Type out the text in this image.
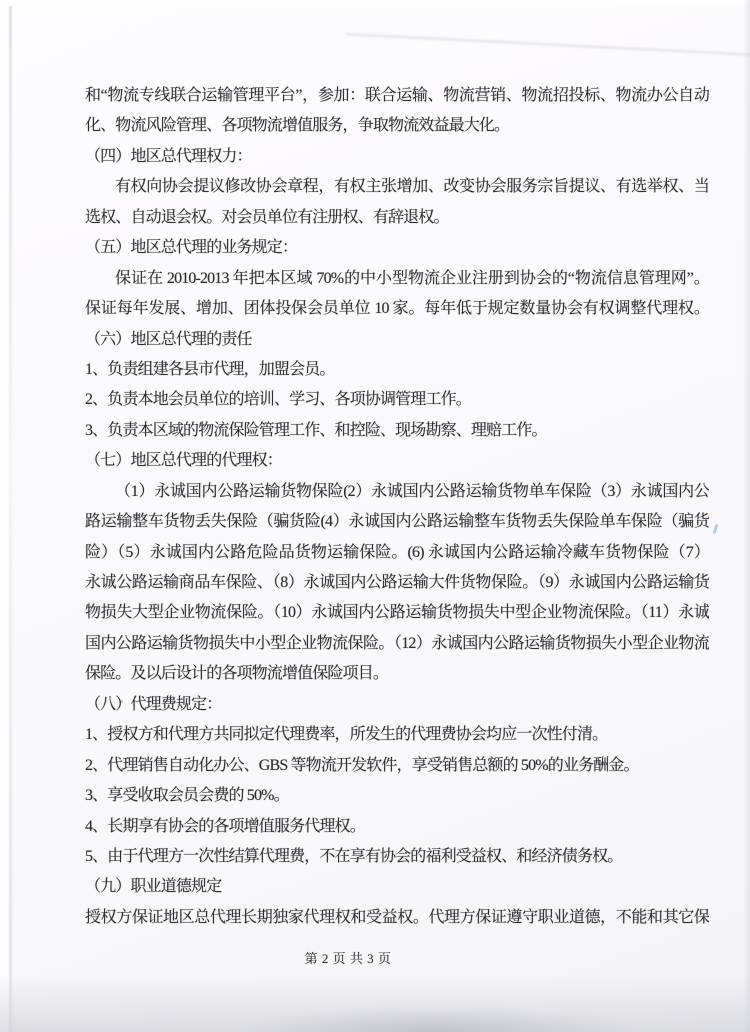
和“物流专线联合运输管理平台”，参加：联合运输、物流营销、物流招投标、物流办公自动
化、物流风险管理、各项物流增值服务，争取物流效益最大化。
（四）地区总代理权力：
有权向协会提议修改协会章程，有权主张增加、改变协会服务宗旨提议、有选举权、当
选权、自动退会权。对会员单位有注册权、有辞退权。
（五）地区总代理的业务规定：
保证在 2010-2013 年把本区域 70%的中小型物流企业注册到协会的“物流信息管理网”。
保证每年发展、增加、团体投保会员单位 10 家。每年低于规定数量协会有权调整代理权。
（六）地区总代理的责任
1、负责组建各县市代理，加盟会员。
2、负责本地会员单位的培训、学习、各项协调管理工作。
3、负责本区域的物流保险管理工作、和控险、现场勘察、理赔工作。
（七）地区总代理的代理权：
（1）永诚国内公路运输货物保险(2）永诚国内公路运输货物单车保险（3）永诚国内公
路运输整车货物丢失保险（骗货险(4）永诚国内公路运输整车货物丢失保险单车保险（骗货
险）（5）永诚国内公路危险品货物运输保险。(6) 永诚国内公路运输冷藏车货物保险（7）
永诚公路运输商品车保险、（8）永诚国内公路运输大件货物保险。（9）永诚国内公路运输货
物损失大型企业物流保险。（10）永诚国内公路运输货物损失中型企业物流保险。（11）永诚
国内公路运输货物损失中小型企业物流保险。（12）永诚国内公路运输货物损失小型企业物流
保险。及以后设计的各项物流增值保险项目。
（八）代理费规定：
1、授权方和代理方共同拟定代理费率，所发生的代理费协会均应一次性付清。
2、代理销售自动化办公、GBS 等物流开发软件，享受销售总额的 50%的业务酬金。
3、享受收取会员会费的 50%。
4、长期享有协会的各项增值服务代理权。
5、由于代理方一次性结算代理费，不在享有协会的福利受益权、和经济债务权。
（九）职业道德规定
授权方保证地区总代理长期独家代理权和受益权。代理方保证遵守职业道德，不能和其它保
第 2 页 共 3 页
